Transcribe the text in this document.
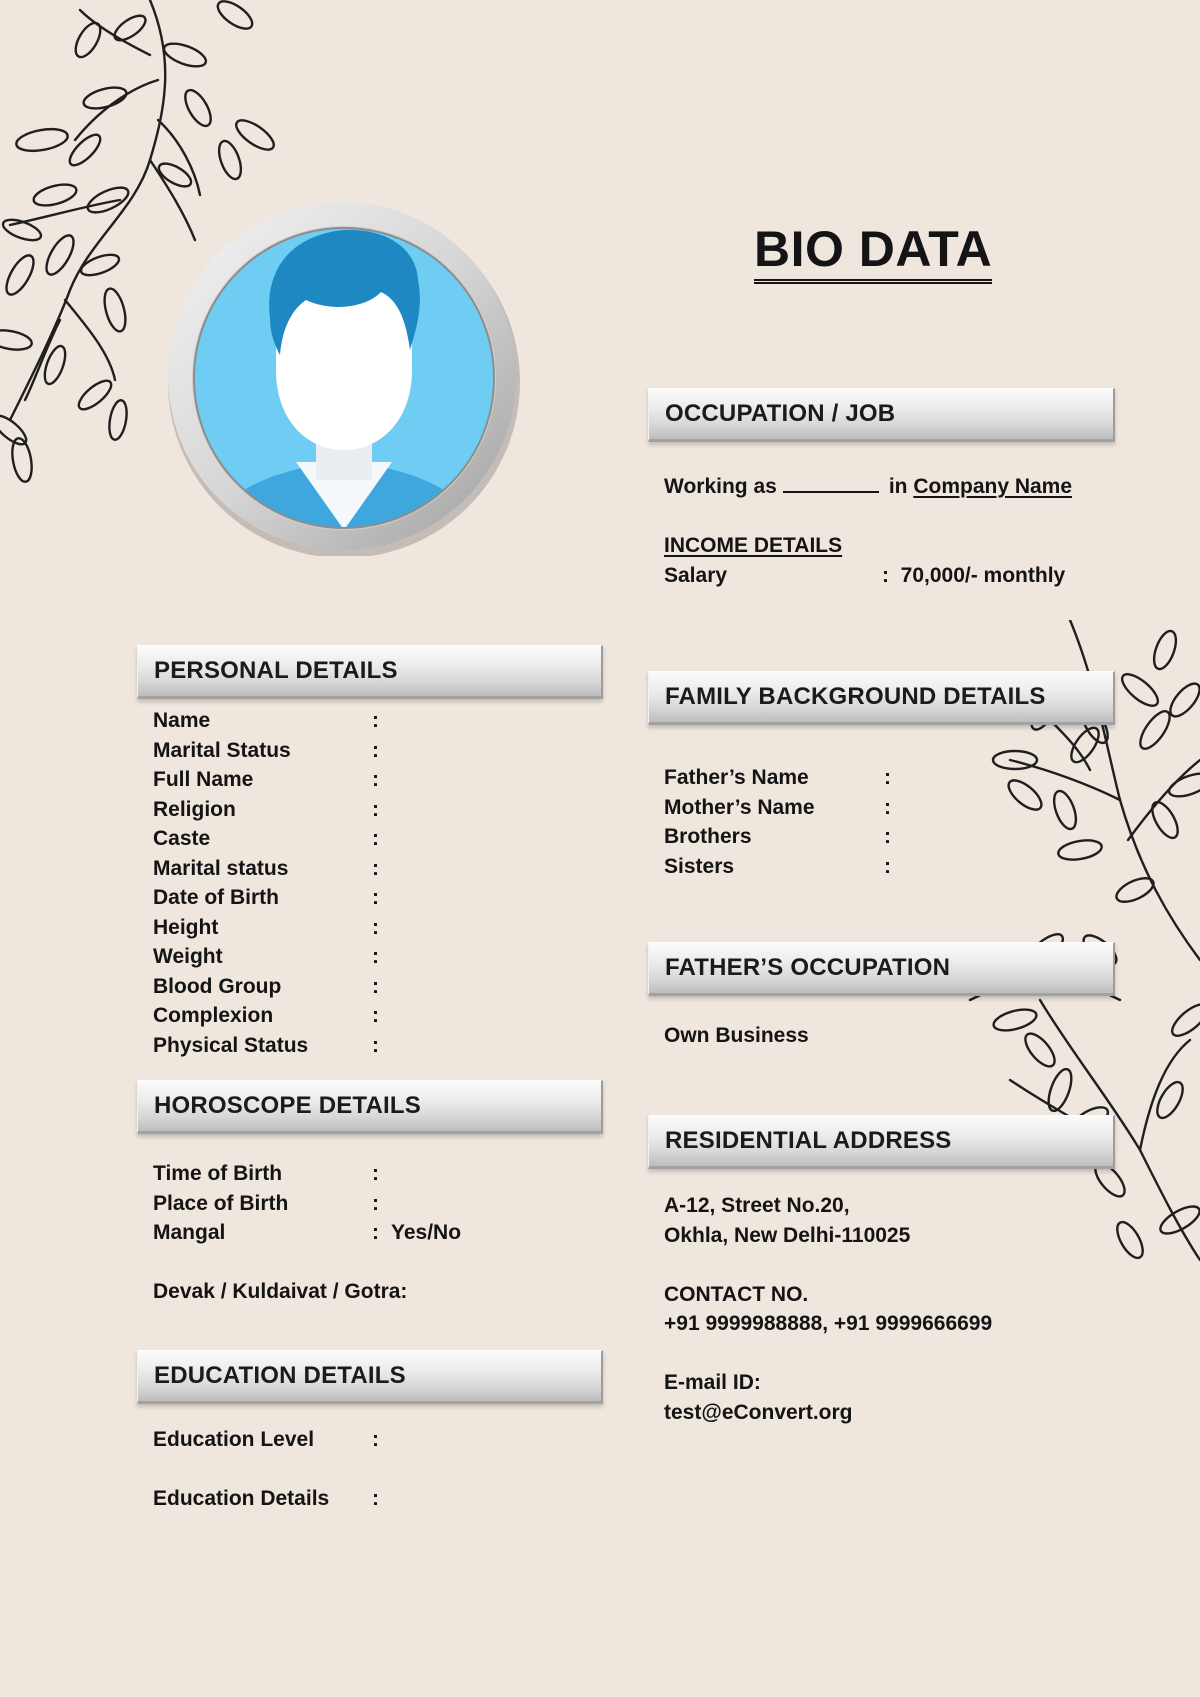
BIO DATA
OCCUPATION / JOB
Working as	in Company Name
INCOME DETAILS
Salary	:  70,000/- monthly
PERSONAL DETAILS
Name	:
Marital Status	:
Full Name	:
Religion	:
Caste	:
Marital status	:
Date of Birth	:
Height	:
Weight	:
Blood Group	:
Complexion	:
Physical Status	:
HOROSCOPE DETAILS
Time of Birth	:
Place of Birth	:
Mangal	: Yes/No
Devak / Kuldaivat / Gotra:
EDUCATION DETAILS
Education Level	:
Education Details	:
FAMILY BACKGROUND DETAILS
Father’s Name	:
Mother’s Name	:
Brothers	:
Sisters	:
FATHER’S OCCUPATION
Own Business
RESIDENTIAL ADDRESS
A-12, Street No.20,
Okhla, New Delhi-110025
CONTACT NO.
+91 9999988888, +91 9999666699
E-mail ID:
test@eConvert.org
